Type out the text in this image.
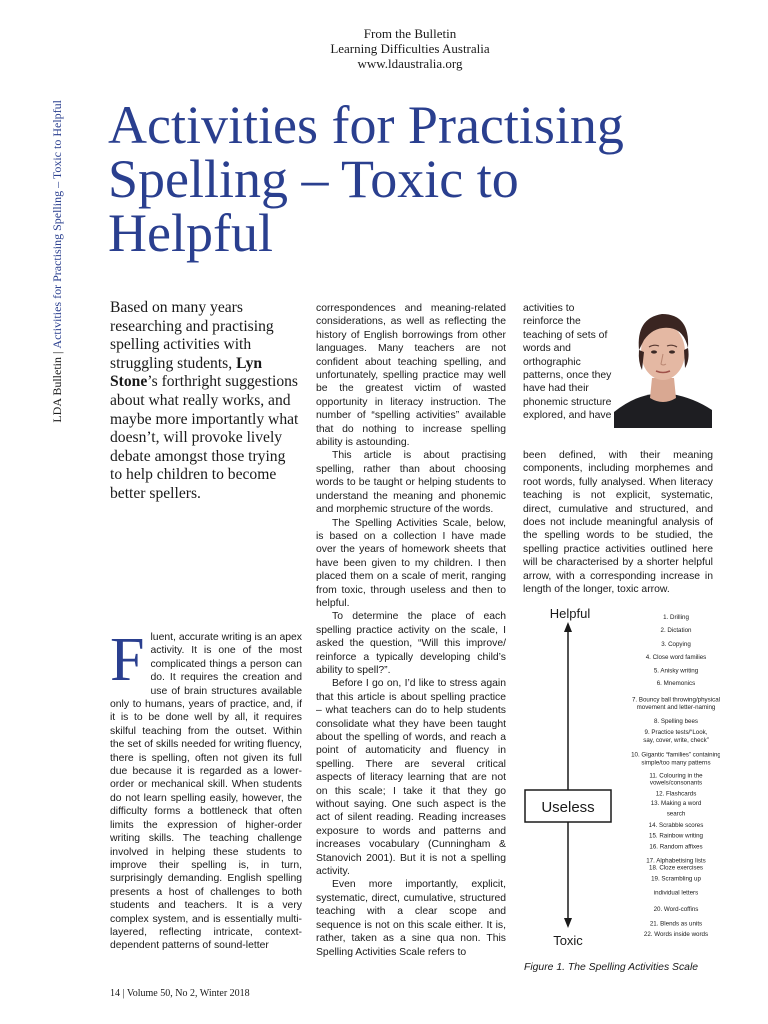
From the Bulletin
Learning Difficulties Australia
www.ldaustralia.org
LDA Bulletin|Activities for Practising Spelling – Toxic to Helpful Activities for Practising
Spelling – Toxic to
Helpful
Based on many years researching and practising spelling activities with struggling students, Lyn Stone’s forthright suggestions about what really works, and maybe more importantly what doesn’t, will provoke lively debate amongst those trying to help children to become better spellers.

Fluent, accurate writing is an apex activity. It is one of the most complicated things a person can do. It requires the creation and use of brain structures available only to humans, years of practice, and, if it is to be done well by all, it requires skilful teaching from the outset. Within the set of skills needed for writing fluency, there is spelling, often not given its full due because it is regarded as a lower-order or mechanical skill. When students do not learn spelling easily, however, the difficulty forms a bottleneck that often limits the expression of higher-order writing skills. The teaching challenge involved in helping these students to improve their spelling is, in turn, surprisingly demanding. English spelling presents a host of challenges to both students and teachers. It is a very complex system, and is essentially multi-layered, reflecting intricate, context-dependent patterns of sound-letter

correspondences and meaning-related considerations, as well as reflecting the history of English borrowings from other languages. Many teachers are not confident about teaching spelling, and unfortunately, spelling practice may well be the greatest victim of wasted opportunity in literacy instruction. The number of “spelling activities” available that do nothing to increase spelling ability is astounding.

This article is about practising spelling, rather than about choosing words to be taught or helping students to understand the meaning and phonemic and morphemic structure of the words.

The Spelling Activities Scale, below, is based on a collection I have made over the years of homework sheets that have been given to my children. I then placed them on a scale of merit, ranging from toxic, through useless and then to helpful.

To determine the place of each spelling practice activity on the scale, I asked the question, “Will this improve/ reinforce a typically developing child’s ability to spell?”.

Before I go on, I’d like to stress again that this article is about spelling practice – what teachers can do to help students consolidate what they have been taught about the spelling of words, and reach a point of automaticity and fluency in spelling. There are several critical aspects of literacy learning that are not on this scale; I take it that they go without saying. One such aspect is the act of silent reading. Reading increases exposure to words and patterns and increases vocabulary (Cunningham & Stanovich 2001). But it is not a spelling activity.

Even more importantly, explicit, systematic, direct, cumulative, structured teaching with a clear scope and sequence is not on this scale either. It is, rather, taken as a sine qua non. This Spelling Activities Scale refers to

activities to reinforce the teaching of sets of words and orthographic patterns, once they have had their phonemic structure explored, and have

been defined, with their meaning components, including morphemes and root words, fully analysed. When literacy teaching is not explicit, systematic, direct, cumulative and structured, and does not include meaningful analysis of the spelling words to be studied, the spelling practice activities outlined here will be characterised by a shorter helpful arrow, with a corresponding increase in length of the longer, toxic arrow.

Helpful
Useless
Toxic
1. Drilling
2. Dictation
3. Copying
4. Close word families
5. Anisky writing
6. Mnemonics
7. Bouncy ball throwing/physical
movement and letter-naming
8. Spelling bees
9. Practice tests/“Look,
say, cover, write, check”
10. Gigantic “families” containing
simple/too many patterns
11. Colouring in the
vowels/consonants
12. Flashcards
13. Making a word
search
14. Scrabble scores
15. Rainbow writing
16. Random affixes
17. Alphabetising lists
18. Cloze exercises
19. Scrambling up
individual letters
20. Word-coffins
21. Blends as units
22. Words inside words
Figure 1. The Spelling Activities Scale
14 | Volume 50, No 2, Winter 2018
